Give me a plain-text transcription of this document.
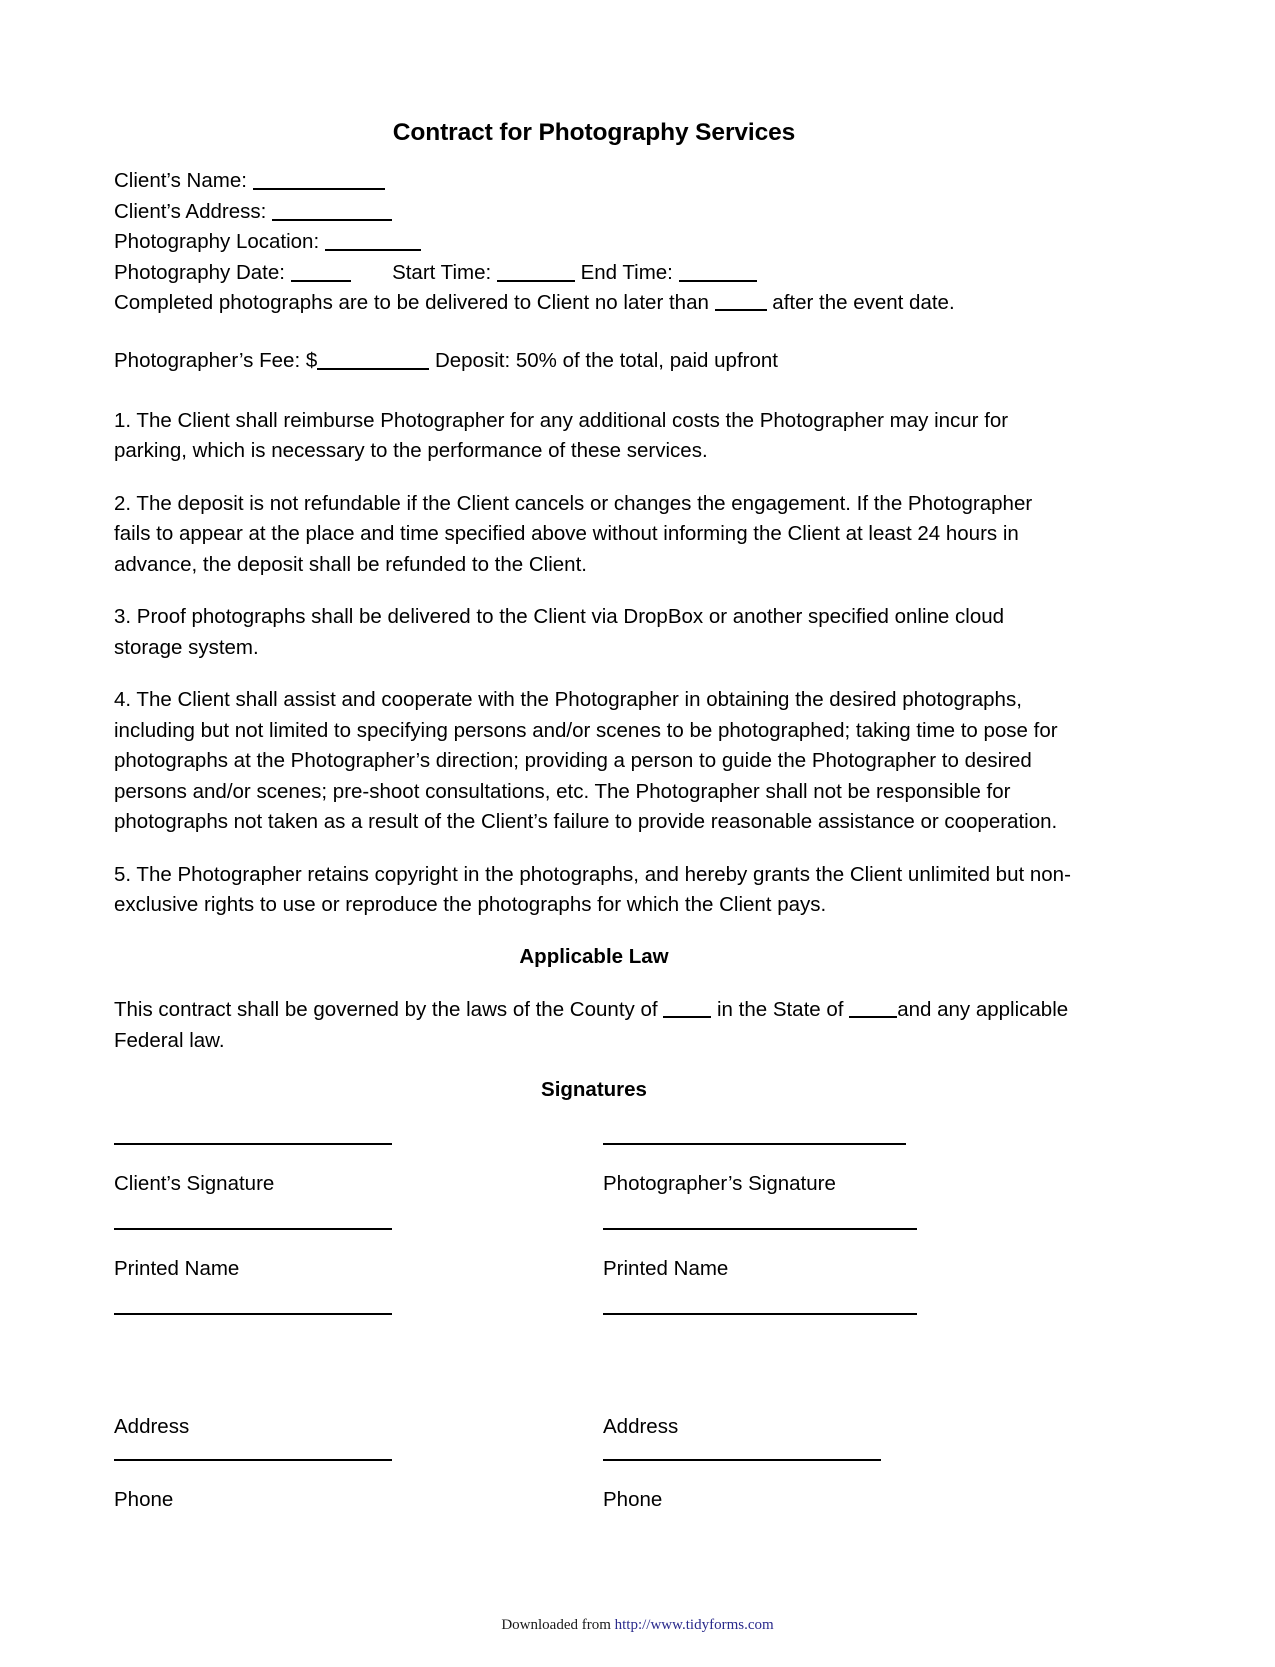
Contract for Photography Services
Client’s Name:
Client’s Address:
Photography Location:
Photography Date:	Start Time:	End Time:
Completed photographs are to be delivered to Client no later than	after the event date.
Photographer’s Fee: $	Deposit: 50% of the total, paid upfront

1. The Client shall reimburse Photographer for any additional costs the Photographer may incur for parking, which is necessary to the performance of these services.

2. The deposit is not refundable if the Client cancels or changes the engagement. If the Photographer fails to appear at the place and time specified above without informing the Client at least 24 hours in advance, the deposit shall be refunded to the Client.

3. Proof photographs shall be delivered to the Client via DropBox or another specified online cloud storage system.

4. The Client shall assist and cooperate with the Photographer in obtaining the desired photographs, including but not limited to specifying persons and/or scenes to be photographed; taking time to pose for photographs at the Photographer’s direction; providing a person to guide the Photographer to desired persons and/or scenes; pre-shoot consultations, etc. The Photographer shall not be responsible for photographs not taken as a result of the Client’s failure to provide reasonable assistance or cooperation.

5. The Photographer retains copyright in the photographs, and hereby grants the Client unlimited but non-exclusive rights to use or reproduce the photographs for which the Client pays.

Applicable Law

This contract shall be governed by the laws of the County of	in the State of	and any applicable Federal law.

Signatures
Client’s Signature	Photographer’s Signature
Printed Name	Printed Name
Address	Address
Phone	Phone
Downloaded from http://www.tidyforms.com
